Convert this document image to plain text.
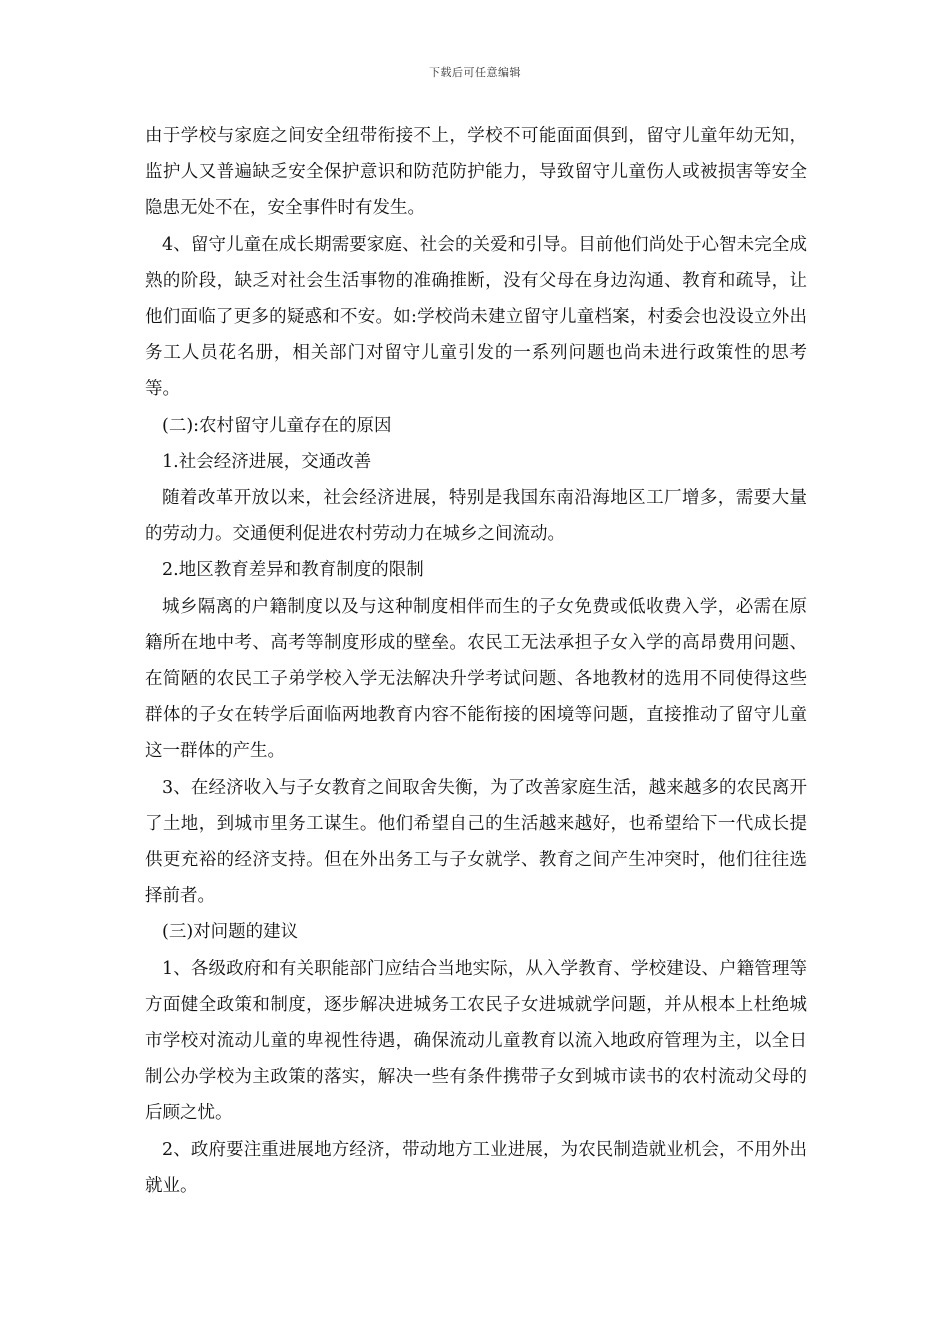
下载后可任意编辑

由于学校与家庭之间安全纽带衔接不上，学校不可能面面俱到，留守儿童年幼无知，监护人又普遍缺乏安全保护意识和防范防护能力，导致留守儿童伤人或被损害等安全隐患无处不在，安全事件时有发生。

4、留守儿童在成长期需要家庭、社会的关爱和引导。目前他们尚处于心智未完全成熟的阶段，缺乏对社会生活事物的准确推断，没有父母在身边沟通、教育和疏导，让他们面临了更多的疑惑和不安。如:学校尚未建立留守儿童档案，村委会也没设立外出务工人员花名册，相关部门对留守儿童引发的一系列问题也尚未进行政策性的思考等。

(二):农村留守儿童存在的原因

1.社会经济进展，交通改善

随着改革开放以来，社会经济进展，特别是我国东南沿海地区工厂增多，需要大量的劳动力。交通便利促进农村劳动力在城乡之间流动。

2.地区教育差异和教育制度的限制

城乡隔离的户籍制度以及与这种制度相伴而生的子女免费或低收费入学，必需在原籍所在地中考、高考等制度形成的壁垒。农民工无法承担子女入学的高昂费用问题、在简陋的农民工子弟学校入学无法解决升学考试问题、各地教材的选用不同使得这些群体的子女在转学后面临两地教育内容不能衔接的困境等问题，直接推动了留守儿童这一群体的产生。

3、在经济收入与子女教育之间取舍失衡，为了改善家庭生活，越来越多的农民离开了土地，到城市里务工谋生。他们希望自己的生活越来越好，也希望给下一代成长提供更充裕的经济支持。但在外出务工与子女就学、教育之间产生冲突时，他们往往选择前者。

(三)对问题的建议

1、各级政府和有关职能部门应结合当地实际，从入学教育、学校建设、户籍管理等方面健全政策和制度，逐步解决进城务工农民子女进城就学问题，并从根本上杜绝城市学校对流动儿童的卑视性待遇，确保流动儿童教育以流入地政府管理为主，以全日制公办学校为主政策的落实，解决一些有条件携带子女到城市读书的农村流动父母的后顾之忧。

2、政府要注重进展地方经济，带动地方工业进展，为农民制造就业机会，不用外出就业。
